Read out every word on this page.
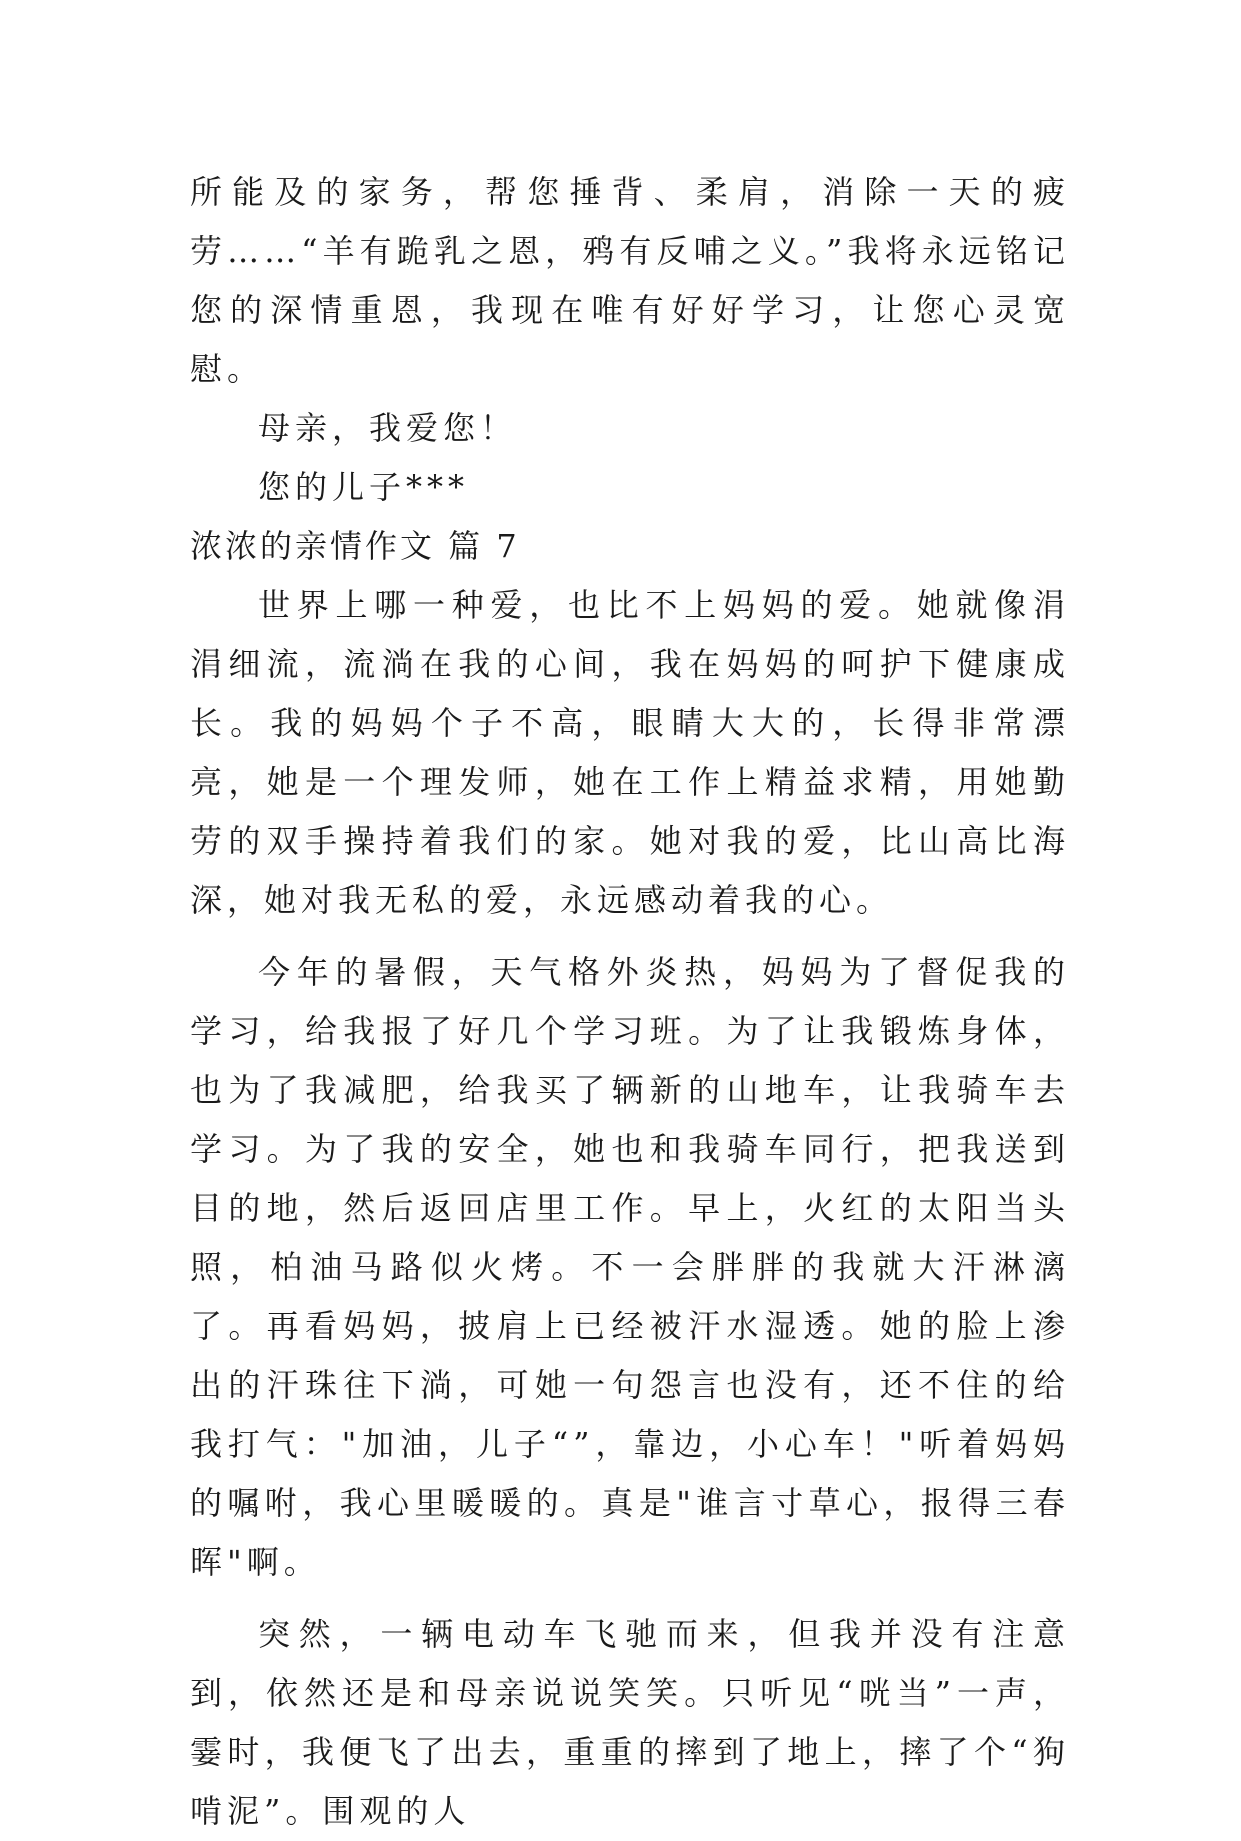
所能及的家务，帮您捶背、柔肩，消除一天的疲劳……“羊有跪乳之恩，鸦有反哺之义。”我将永远铭记您的深情重恩，我现在唯有好好学习，让您心灵宽慰。

母亲，我爱您！

您的儿子***

浓浓的亲情作文 篇 7

世界上哪一种爱，也比不上妈妈的爱。她就像涓涓细流，流淌在我的心间，我在妈妈的呵护下健康成长。我的妈妈个子不高，眼睛大大的，长得非常漂亮，她是一个理发师，她在工作上精益求精，用她勤劳的双手操持着我们的家。她对我的爱，比山高比海深，她对我无私的爱，永远感动着我的心。

今年的暑假，天气格外炎热，妈妈为了督促我的学习，给我报了好几个学习班。为了让我锻炼身体，也为了我减肥，给我买了辆新的山地车，让我骑车去学习。为了我的安全，她也和我骑车同行，把我送到目的地，然后返回店里工作。早上，火红的太阳当头照，柏油马路似火烤。不一会胖胖的我就大汗淋漓了。再看妈妈，披肩上已经被汗水湿透。她的脸上渗出的汗珠往下淌，可她一句怨言也没有，还不住的给我打气："加油，儿子“”，靠边，小心车！"听着妈妈的嘱咐，我心里暖暖的。真是"谁言寸草心，报得三春晖"啊。

突然，一辆电动车飞驰而来，但我并没有注意到，依然还是和母亲说说笑笑。只听见“咣当”一声，霎时，我便飞了出去，重重的摔到了地上，摔了个“狗啃泥”。围观的人
